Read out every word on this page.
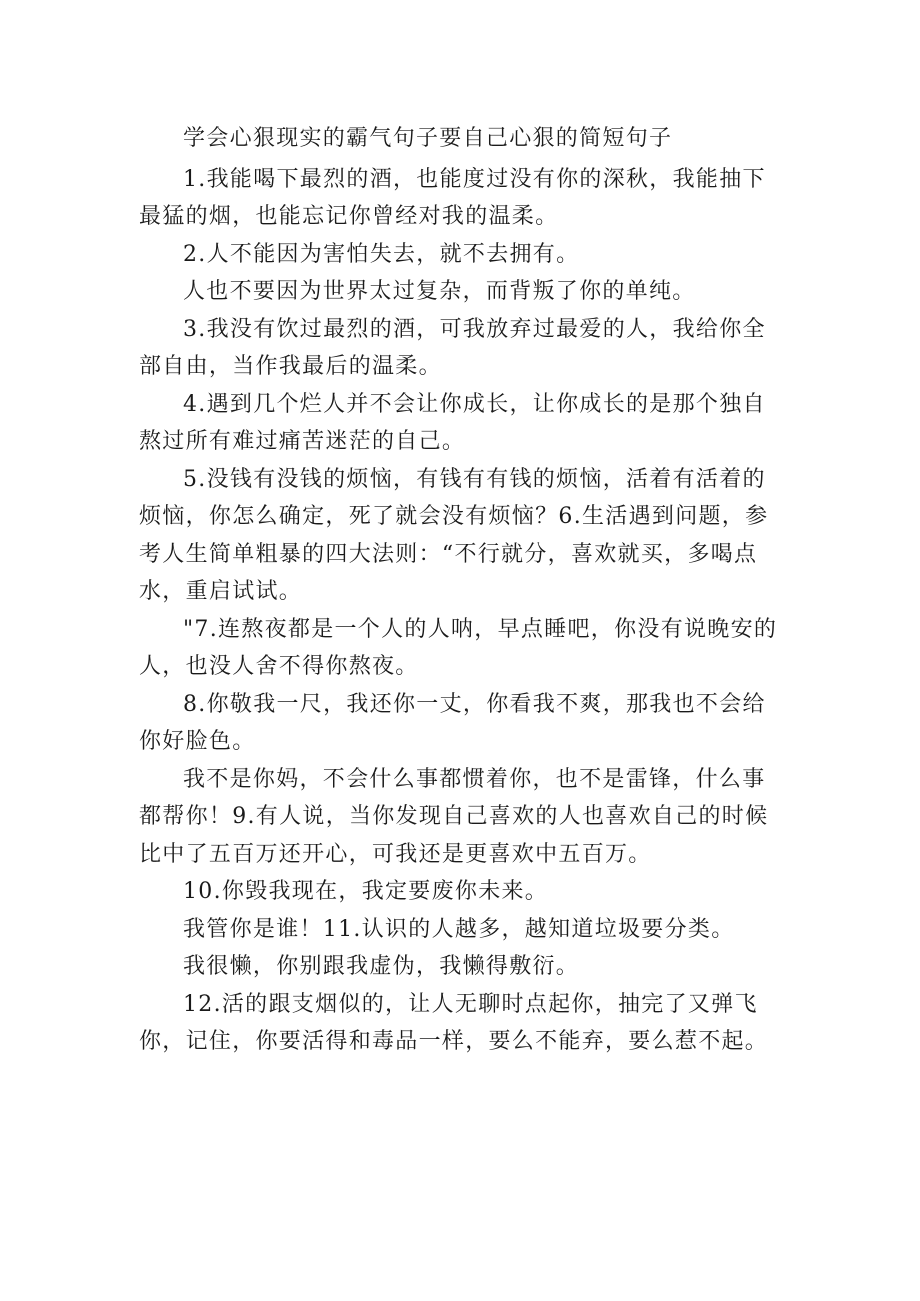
学会心狠现实的霸气句子要自己心狠的简短句子

1.我能喝下最烈的酒，也能度过没有你的深秋，我能抽下最猛的烟，也能忘记你曾经对我的温柔。

2.人不能因为害怕失去，就不去拥有。

人也不要因为世界太过复杂，而背叛了你的单纯。

3.我没有饮过最烈的酒，可我放弃过最爱的人，我给你全部自由，当作我最后的温柔。

4.遇到几个烂人并不会让你成长，让你成长的是那个独自熬过所有难过痛苦迷茫的自己。

5.没钱有没钱的烦恼，有钱有有钱的烦恼，活着有活着的烦恼，你怎么确定，死了就会没有烦恼？6.生活遇到问题，参考人生简单粗暴的四大法则：“不行就分，喜欢就买，多喝点水，重启试试。

"7.连熬夜都是一个人的人呐，早点睡吧，你没有说晚安的人，也没人舍不得你熬夜。

8.你敬我一尺，我还你一丈，你看我不爽，那我也不会给你好脸色。

我不是你妈，不会什么事都惯着你，也不是雷锋，什么事都帮你！9.有人说，当你发现自己喜欢的人也喜欢自己的时候比中了五百万还开心，可我还是更喜欢中五百万。

10.你毁我现在，我定要废你未来。

我管你是谁！11.认识的人越多，越知道垃圾要分类。

我很懒，你别跟我虚伪，我懒得敷衍。

12.活的跟支烟似的，让人无聊时点起你，抽完了又弹飞你，记住，你要活得和毒品一样，要么不能弃，要么惹不起。
